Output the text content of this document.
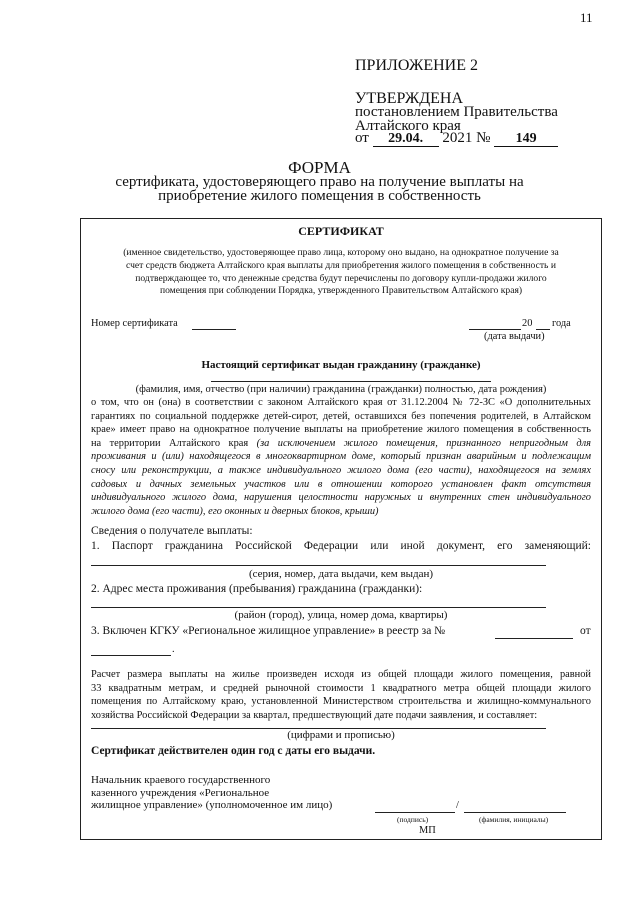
11
ПРИЛОЖЕНИЕ 2
УТВЕРЖДЕНА
постановлением Правительства
Алтайского края
от 29.04. 2021 № 149
ФОРМА
сертификата, удостоверяющего право на получение выплаты на
приобретение жилого помещения в собственность
СЕРТИФИКАТ
(именное свидетельство, удостоверяющее право лица, которому оно выдано, на однократное получение за
счет средств бюджета Алтайского края выплаты для приобретения жилого помещения в собственность и
подтверждающее то, что денежные средства будут перечислены по договору купли-продажи жилого
помещения при соблюдении Порядка, утвержденного Правительством Алтайского края)
Номер сертификата	20 года
(дата выдачи)
Настоящий сертификат выдан гражданину (гражданке)
(фамилия, имя, отчество (при наличии) гражданина (гражданки) полностью, дата рождения)
о том, что он (она) в соответствии с законом Алтайского края от 31.12.2004 № 72-ЗС «О дополнительных
гарантиях по социальной поддержке детей-сирот, детей, оставшихся без попечения родителей, в Алтайском
крае» имеет право на однократное получение выплаты на приобретение жилого помещения в собственность
на территории Алтайского края (за исключением жилого помещения, признанного непригодным для
проживания и (или) находящегося в многоквартирном доме, который признан аварийным и подлежащим
сносу или реконструкции, а также индивидуального жилого дома (его части), находящегося на землях
садовых и дачных земельных участков или в отношении которого установлен факт отсутствия
индивидуального жилого дома, нарушения целостности наружных и внутренних стен индивидуального
жилого дома (его части), его оконных и дверных блоков, крыши)
Сведения о получателе выплаты:
1. Паспорт гражданина Российской Федерации или иной документ, его заменяющий:
(серия, номер, дата выдачи, кем выдан)
2. Адрес места проживания (пребывания) гражданина (гражданки):
(район (город), улица, номер дома, квартиры)
3. Включен КГКУ «Региональное жилищное управление» в реестр за №	от
.
Расчет размера выплаты на жилье произведен исходя из общей площади жилого помещения, равной
33 квадратным метрам, и средней рыночной стоимости 1 квадратного метра общей площади жилого
помещения по Алтайскому краю, установленной Министерством строительства и жилищно-коммунального
хозяйства Российской Федерации за квартал, предшествующий дате подачи заявления, и составляет:
(цифрами и прописью)
Сертификат действителен один год с даты его выдачи.
Начальник краевого государственного
казенного учреждения «Региональное
жилищное управление» (уполномоченное им лицо)	/
(подпись)	(фамилия, инициалы)
МП
